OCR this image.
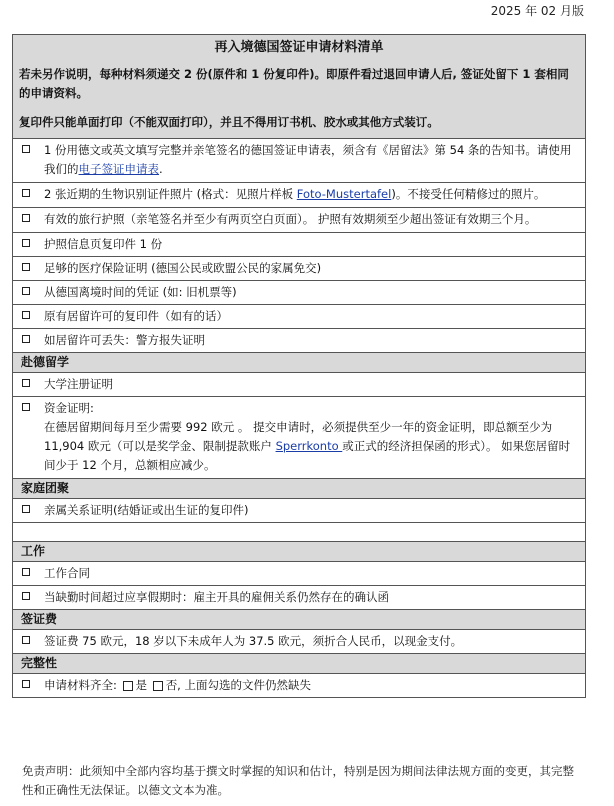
2025 年 02 月版
再入境德国签证申请材料清单

若未另作说明，每种材料须递交 2 份(原件和 1 份复印件)。即原件看过退回申请人后, 签证处留下 1 套相同的申请资料。

复印件只能单面打印（不能双面打印），并且不得用订书机、胶水或其他方式装订。

1 份用德文或英文填写完整并亲笔签名的德国签证申请表，须含有《居留法》第 54 条的告知书。请使用我们的电子签证申请表.
2 张近期的生物识别证件照片 (格式：见照片样板 Foto-Mustertafel)。不接受任何精修过的照片。
有效的旅行护照（亲笔签名并至少有两页空白页面）。 护照有效期须至少超出签证有效期三个月。
护照信息页复印件 1 份
足够的医疗保险证明 (德国公民或欧盟公民的家属免交)
从德国离境时间的凭证 (如: 旧机票等)
原有居留许可的复印件（如有的话）
如居留许可丢失：警方报失证明
赴德留学
大学注册证明
资金证明:
在德居留期间每月至少需要 992 欧元 。 提交申请时，必须提供至少一年的资金证明，即总额至少为 11,904 欧元（可以是奖学金、限制提款账户 Sperrkonto 或正式的经济担保函的形式）。 如果您居留时间少于 12 个月，总额相应减少。
家庭团聚
亲属关系证明(结婚证或出生证的复印件)
工作
工作合同
当缺勤时间超过应享假期时：雇主开具的雇佣关系仍然存在的确认函
签证费
签证费 75 欧元，18 岁以下未成年人为 37.5 欧元，须折合人民币，以现金支付。
完整性
申请材料齐全: 是 否, 上面勾选的文件仍然缺失
免责声明：此须知中全部内容均基于撰文时掌握的知识和估计，特别是因为期间法律法规方面的变更，其完整性和正确性无法保证。以德文文本为准。
